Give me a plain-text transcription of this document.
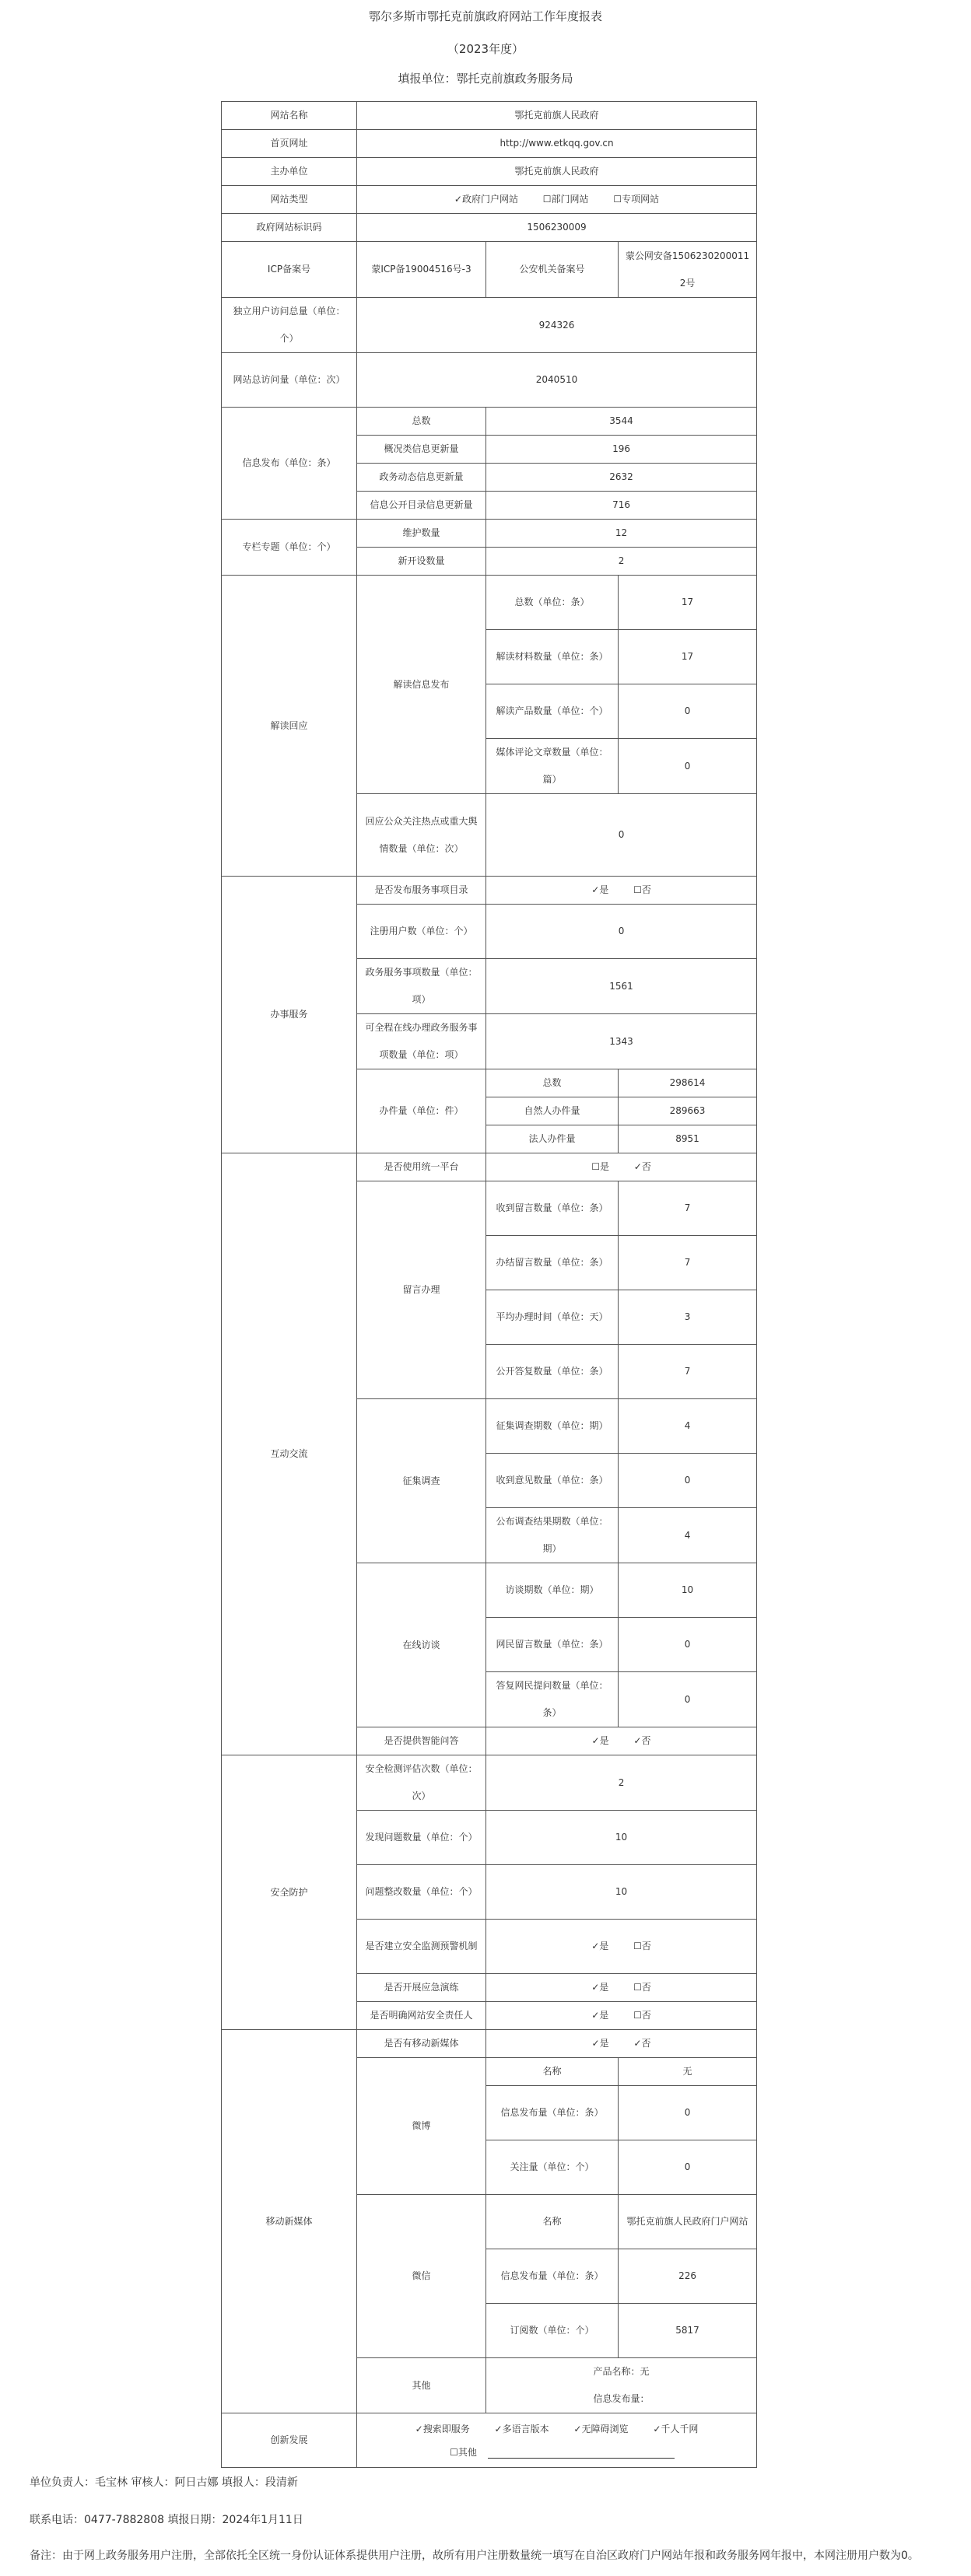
鄂尔多斯市鄂托克前旗政府网站工作年度报表
（2023年度）
填报单位：鄂托克前旗政务服务局
网站名称	鄂托克前旗人民政府		
首页网址	http://www.etkqq.gov.cn		
主办单位	鄂托克前旗人民政府		
网站类型	✓政府门户网站 ☐部门网站 ☐专项网站		
政府网站标识码	1506230009		
ICP备案号	蒙ICP备19004516号-3	公安机关备案号	蒙公网安备15062302000112号
独立用户访问总量（单位：个）	924326		
网站总访问量（单位：次）	2040510		
信息发布（单位：条）	总数	3544	
	概况类信息更新量	196	
	政务动态信息更新量	2632	
	信息公开目录信息更新量	716	
专栏专题（单位：个）	维护数量	12	
	新开设数量	2	
解读回应	解读信息发布	总数（单位：条）	17
		解读材料数量（单位：条）	17
		解读产品数量（单位：个）	0
		媒体评论文章数量（单位：篇）	0
	回应公众关注热点或重大舆情数量（单位：次）	0	
办事服务	是否发布服务事项目录	✓是 ☐否	
	注册用户数（单位：个）	0	
	政务服务事项数量（单位：项）	1561	
	可全程在线办理政务服务事项数量（单位：项）	1343	
	办件量（单位：件）	总数	298614
		自然人办件量	289663
		法人办件量	8951
互动交流	是否使用统一平台	☐是 ✓否	
	留言办理	收到留言数量（单位：条）	7
		办结留言数量（单位：条）	7
		平均办理时间（单位：天）	3
		公开答复数量（单位：条）	7
	征集调查	征集调查期数（单位：期）	4
		收到意见数量（单位：条）	0
		公布调查结果期数（单位：期）	4
	在线访谈	访谈期数（单位：期）	10
		网民留言数量（单位：条）	0
		答复网民提问数量（单位：条）	0
	是否提供智能问答	✓是 ✓否	
安全防护	安全检测评估次数（单位：次）	2	
	发现问题数量（单位：个）	10	
	问题整改数量（单位：个）	10	
	是否建立安全监测预警机制	✓是 ☐否	
	是否开展应急演练	✓是 ☐否	
	是否明确网站安全责任人	✓是 ☐否	
移动新媒体	是否有移动新媒体	✓是 ✓否	
	微博	名称	无
		信息发布量（单位：条）	0
		关注量（单位：个）	0
	微信	名称	鄂托克前旗人民政府门户网站
		信息发布量（单位：条）	226
		订阅数（单位：个）	5817
	其他	产品名称：无
信息发布量：	

创新发展	✓搜索即服务 ✓多语言版本 ✓无障碍浏览 ✓千人千网
☐其他		
单位负责人：毛宝林 审核人：阿日古娜 填报人：段清新
联系电话：0477-7882808 填报日期：2024年1月11日
备注：由于网上政务服务用户注册，全部依托全区统一身份认证体系提供用户注册，故所有用户注册数量统一填写在自治区政府门户网站年报和政务服务网年报中，本网注册用户数为0。
